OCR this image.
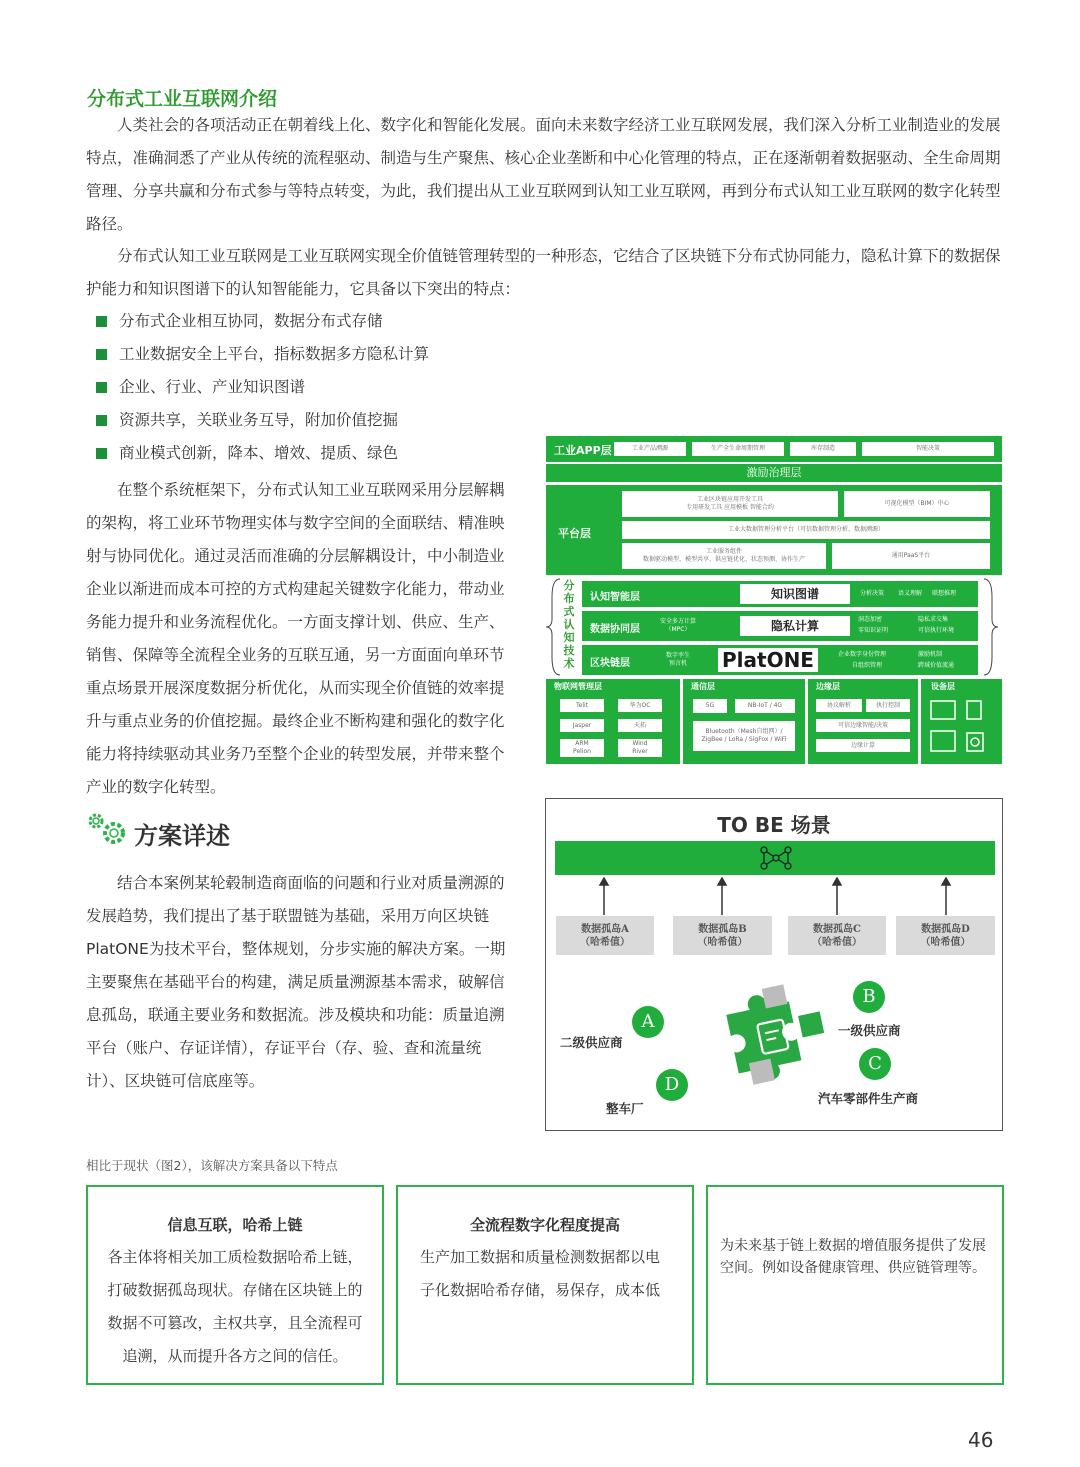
分布式工业互联网介绍

人类社会的各项活动正在朝着线上化、数字化和智能化发展。面向未来数字经济工业互联网发展，我们深入分析工业制造业的发展特点，准确洞悉了产业从传统的流程驱动、制造与生产聚焦、核心企业垄断和中心化管理的特点，正在逐渐朝着数据驱动、全生命周期管理、分享共赢和分布式参与等特点转变，为此，我们提出从工业互联网到认知工业互联网，再到分布式认知工业互联网的数字化转型路径。

分布式认知工业互联网是工业互联网实现全价值链管理转型的一种形态，它结合了区块链下分布式协同能力，隐私计算下的数据保护能力和知识图谱下的认知智能能力，它具备以下突出的特点：

分布式企业相互协同，数据分布式存储
工业数据安全上平台，指标数据多方隐私计算
企业、行业、产业知识图谱
资源共享，关联业务互导，附加价值挖掘
商业模式创新，降本、增效、提质、绿色

在整个系统框架下，分布式认知工业互联网采用分层解耦的架构，将工业环节物理实体与数字空间的全面联结、精准映射与协同优化。通过灵活而准确的分层解耦设计，中小制造业企业以渐进而成本可控的方式构建起关键数字化能力，带动业务能力提升和业务流程优化。一方面支撑计划、供应、生产、销售、保障等全流程全业务的互联互通，另一方面面向单环节重点场景开展深度数据分析优化，从而实现全价值链的效率提升与重点业务的价值挖掘。最终企业不断构建和强化的数字化能力将持续驱动其业务乃至整个企业的转型发展，并带来整个产业的数字化转型。

工业APP层	工业产品溯源	生产全生命周期管理	库存制造	智能决策
激励治理层
平台层
工业区块链应用开发工具
专用研发工具 应用模板 智能合约
可视化模型（BIM）中心
工业大数据管理分析平台（可信数据管理分析、数据溯源）
工业服务组件
数据驱动模型、模型共享、供应链优化、状态预测、协作生产
通用PaaS平台
分布式认知技术
认知智能层	知识图谱	分析决策 语义理解 联想推理
数据协同层
安全多方计算
（MPC）	隐私计算	洞态加密	隐私求交集
零知识证明	可信执行环境
区块链层
数字孪生
预言机 PlatONE	企业数字身份管理	激励机制
自组织管理	跨域价值流通
物联网管理层
Telit	华为OC
Jasper	天拓
ARM
Pelion
Wind
River
通信层
5G	NB-IoT / 4G
Bluetooth（Mesh自组网）/
ZigBee / LoRa / SigFox / WiFi
边缘层
协议解析	执行控制
可信边缘智能/决策
边缘计算
设备层
方案详述

结合本案例某轮毂制造商面临的问题和行业对质量溯源的发展趋势，我们提出了基于联盟链为基础，采用万向区块链PlatONE为技术平台，整体规划，分步实施的解决方案。一期主要聚焦在基础平台的构建，满足质量溯源基本需求，破解信息孤岛，联通主要业务和数据流。涉及模块和功能：质量追溯平台（账户、存证详情），存证平台（存、验、查和流量统计）、区块链可信底座等。

TO BE 场景
数据孤岛A
（哈希值）
数据孤岛B
（哈希值）
数据孤岛C
（哈希值）
数据孤岛D
（哈希值）
A
B
C
D
二级供应商
一级供应商
汽车零部件生产商
整车厂
相比于现状（图2），该解决方案具备以下特点
信息互联，哈希上链
各主体将相关加工质检数据哈希上链，打破数据孤岛现状。存储在区块链上的数据不可篡改，主权共享，且全流程可追溯，从而提升各方之间的信任。
全流程数字化程度提高
生产加工数据和质量检测数据都以电子化数据哈希存储，易保存，成本低
为未来基于链上数据的增值服务提供了发展空间。例如设备健康管理、供应链管理等。
46
